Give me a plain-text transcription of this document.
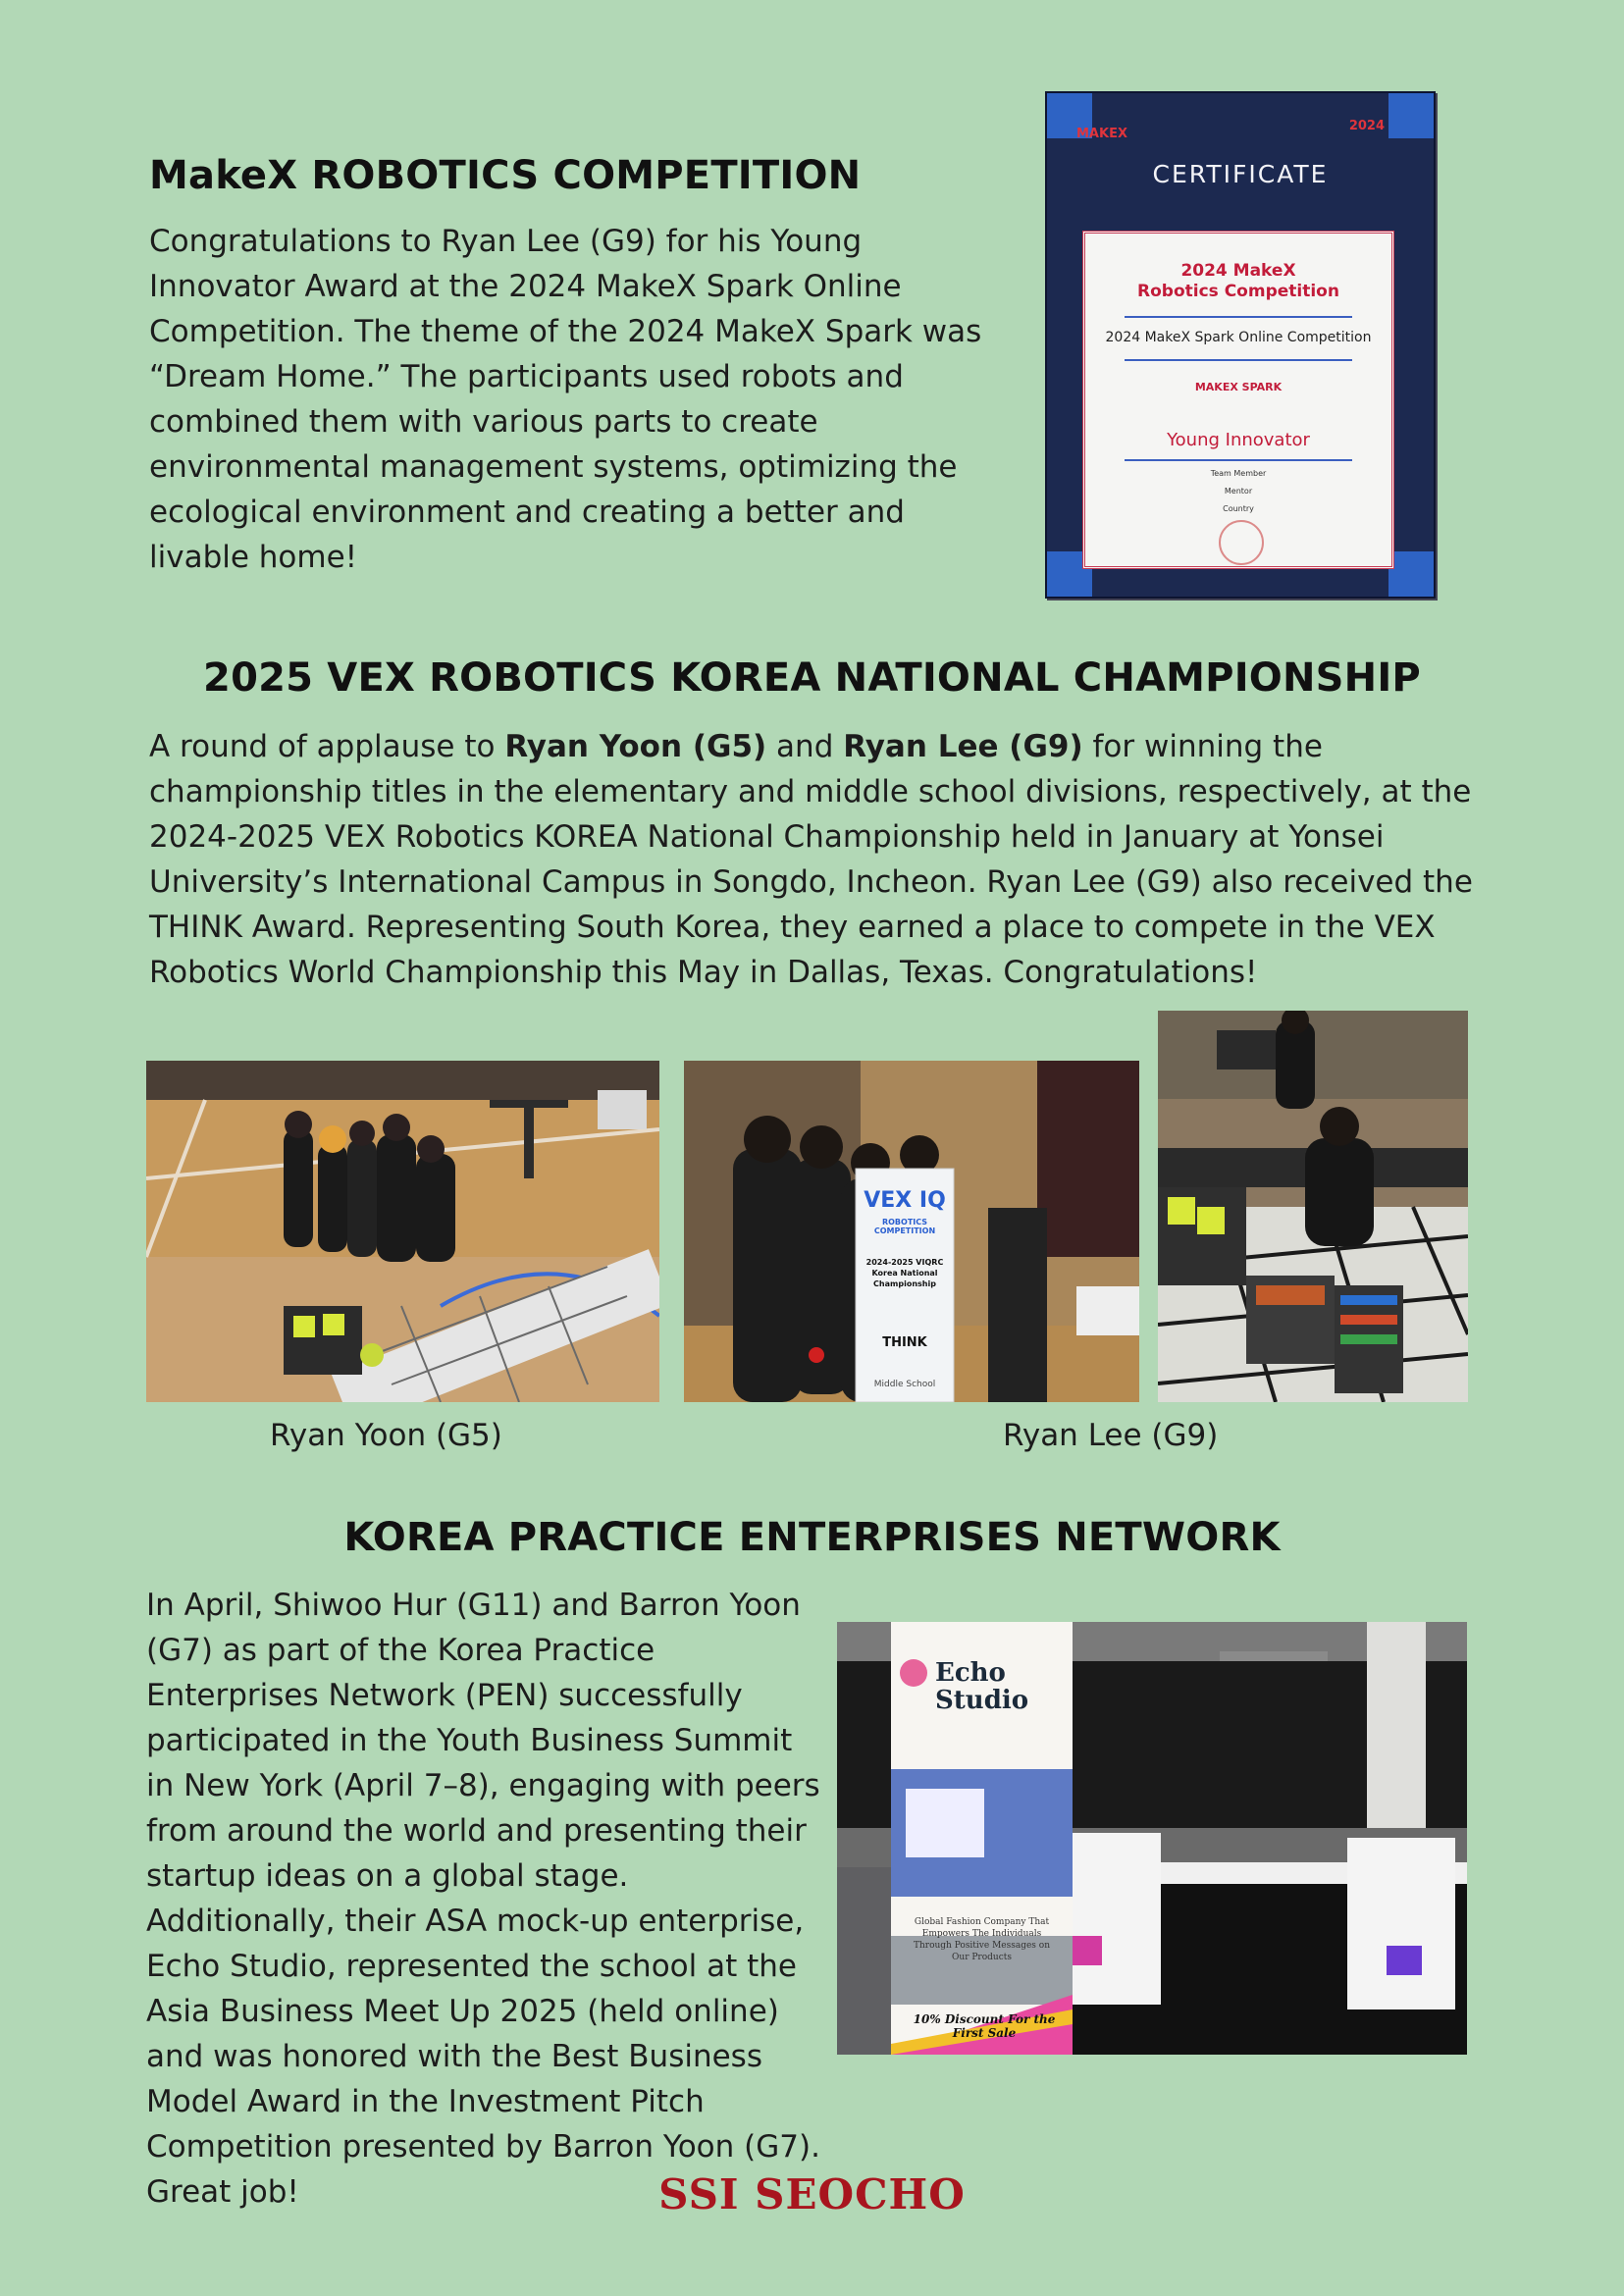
MakeX ROBOTICS COMPETITION
Congratulations to Ryan Lee (G9) for his Young Innovator Award at the 2024 MakeX Spark Online Competition. The theme of the 2024 MakeX Spark was “Dream Home.” The participants used robots and combined them with various parts to create environmental management systems, optimizing the ecological environment and creating a better and livable home!
MAKEX
2024
CERTIFICATE
2024 MakeX
Robotics Competition
2024 MakeX Spark Online Competition
MAKEX SPARK
Young Innovator
Team Member
Mentor
Country
2025 VEX ROBOTICS KOREA NATIONAL CHAMPIONSHIP
A round of applause to Ryan Yoon (G5) and Ryan Lee (G9) for winning the championship titles in the elementary and middle school divisions, respectively, at the 2024-2025 VEX Robotics KOREA National Championship held in January at Yonsei University’s International Campus in Songdo, Incheon. Ryan Lee (G9) also received the THINK Award. Representing South Korea, they earned a place to compete in the VEX Robotics World Championship this May in Dallas, Texas. Congratulations!
VEX IQ
ROBOTICS COMPETITION
2024-2025 VIQRC Korea National Championship
THINK
Middle School
Ryan Yoon (G5)	Ryan Lee (G9)
KOREA PRACTICE ENTERPRISES NETWORK
In April, Shiwoo Hur (G11) and Barron Yoon (G7) as part of the Korea Practice Enterprises Network (PEN) successfully participated in the Youth Business Summit in New York (April 7–8), engaging with peers from around the world and presenting their startup ideas on a global stage. Additionally, their ASA mock-up enterprise, Echo Studio, represented the school at the Asia Business Meet Up 2025 (held online) and was honored with the Best Business Model Award in the Investment Pitch Competition presented by Barron Yoon (G7). Great job!
Echo Studio
Global Fashion Company That Empowers The Individuals Through Positive Messages on Our Products
10% Discount For the First Sale
SSI SEOCHO
